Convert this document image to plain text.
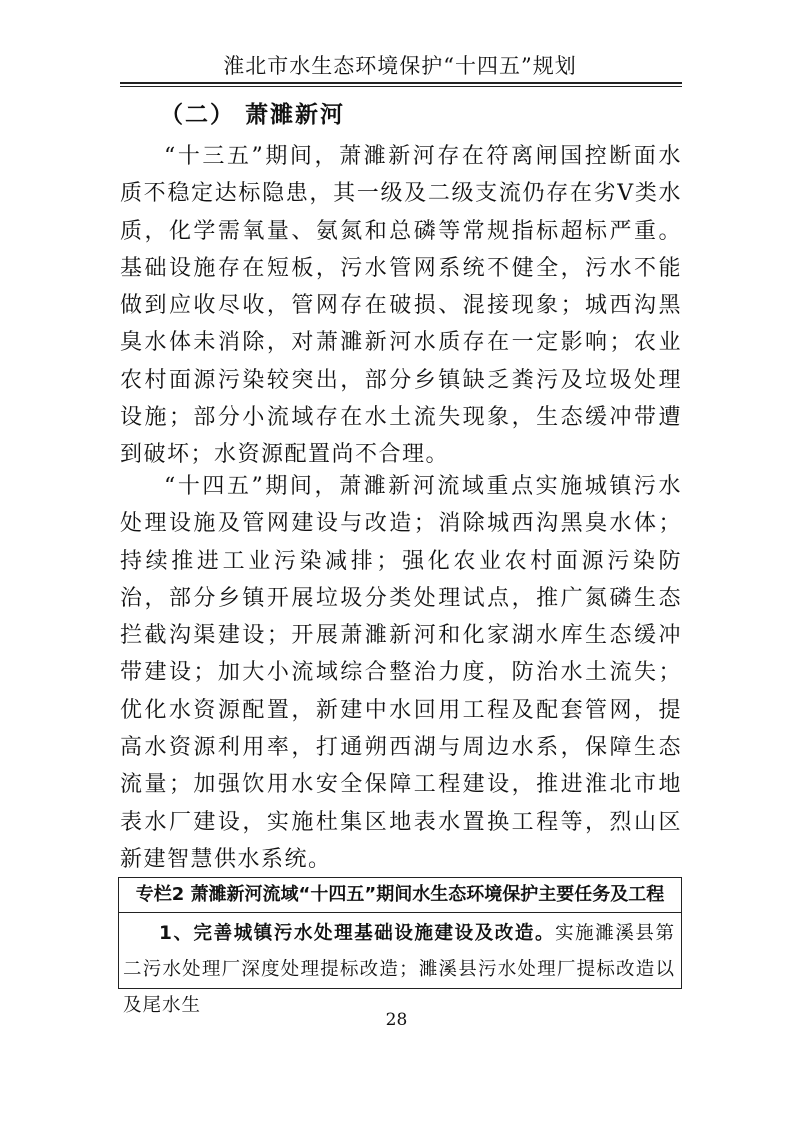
淮北市水生态环境保护“十四五”规划
（二） 萧濉新河

“十三五”期间，萧濉新河存在符离闸国控断面水质不稳定达标隐患，其一级及二级支流仍存在劣Ⅴ类水质，化学需氧量、氨氮和总磷等常规指标超标严重。基础设施存在短板，污水管网系统不健全，污水不能做到应收尽收，管网存在破损、混接现象；城西沟黑臭水体未消除，对萧濉新河水质存在一定影响；农业农村面源污染较突出，部分乡镇缺乏粪污及垃圾处理设施；部分小流域存在水土流失现象，生态缓冲带遭到破坏；水资源配置尚不合理。

“十四五”期间，萧濉新河流域重点实施城镇污水处理设施及管网建设与改造；消除城西沟黑臭水体；持续推进工业污染减排；强化农业农村面源污染防治，部分乡镇开展垃圾分类处理试点，推广氮磷生态拦截沟渠建设；开展萧濉新河和化家湖水库生态缓冲带建设；加大小流域综合整治力度，防治水土流失；优化水资源配置，新建中水回用工程及配套管网，提高水资源利用率，打通朔西湖与周边水系，保障生态流量；加强饮用水安全保障工程建设，推进淮北市地表水厂建设，实施杜集区地表水置换工程等，烈山区新建智慧供水系统。

专栏2 萧濉新河流域“十四五”期间水生态环境保护主要任务及工程

1、完善城镇污水处理基础设施建设及改造。实施濉溪县第二污水处理厂深度处理提标改造；濉溪县污水处理厂提标改造以及尾水生

28
